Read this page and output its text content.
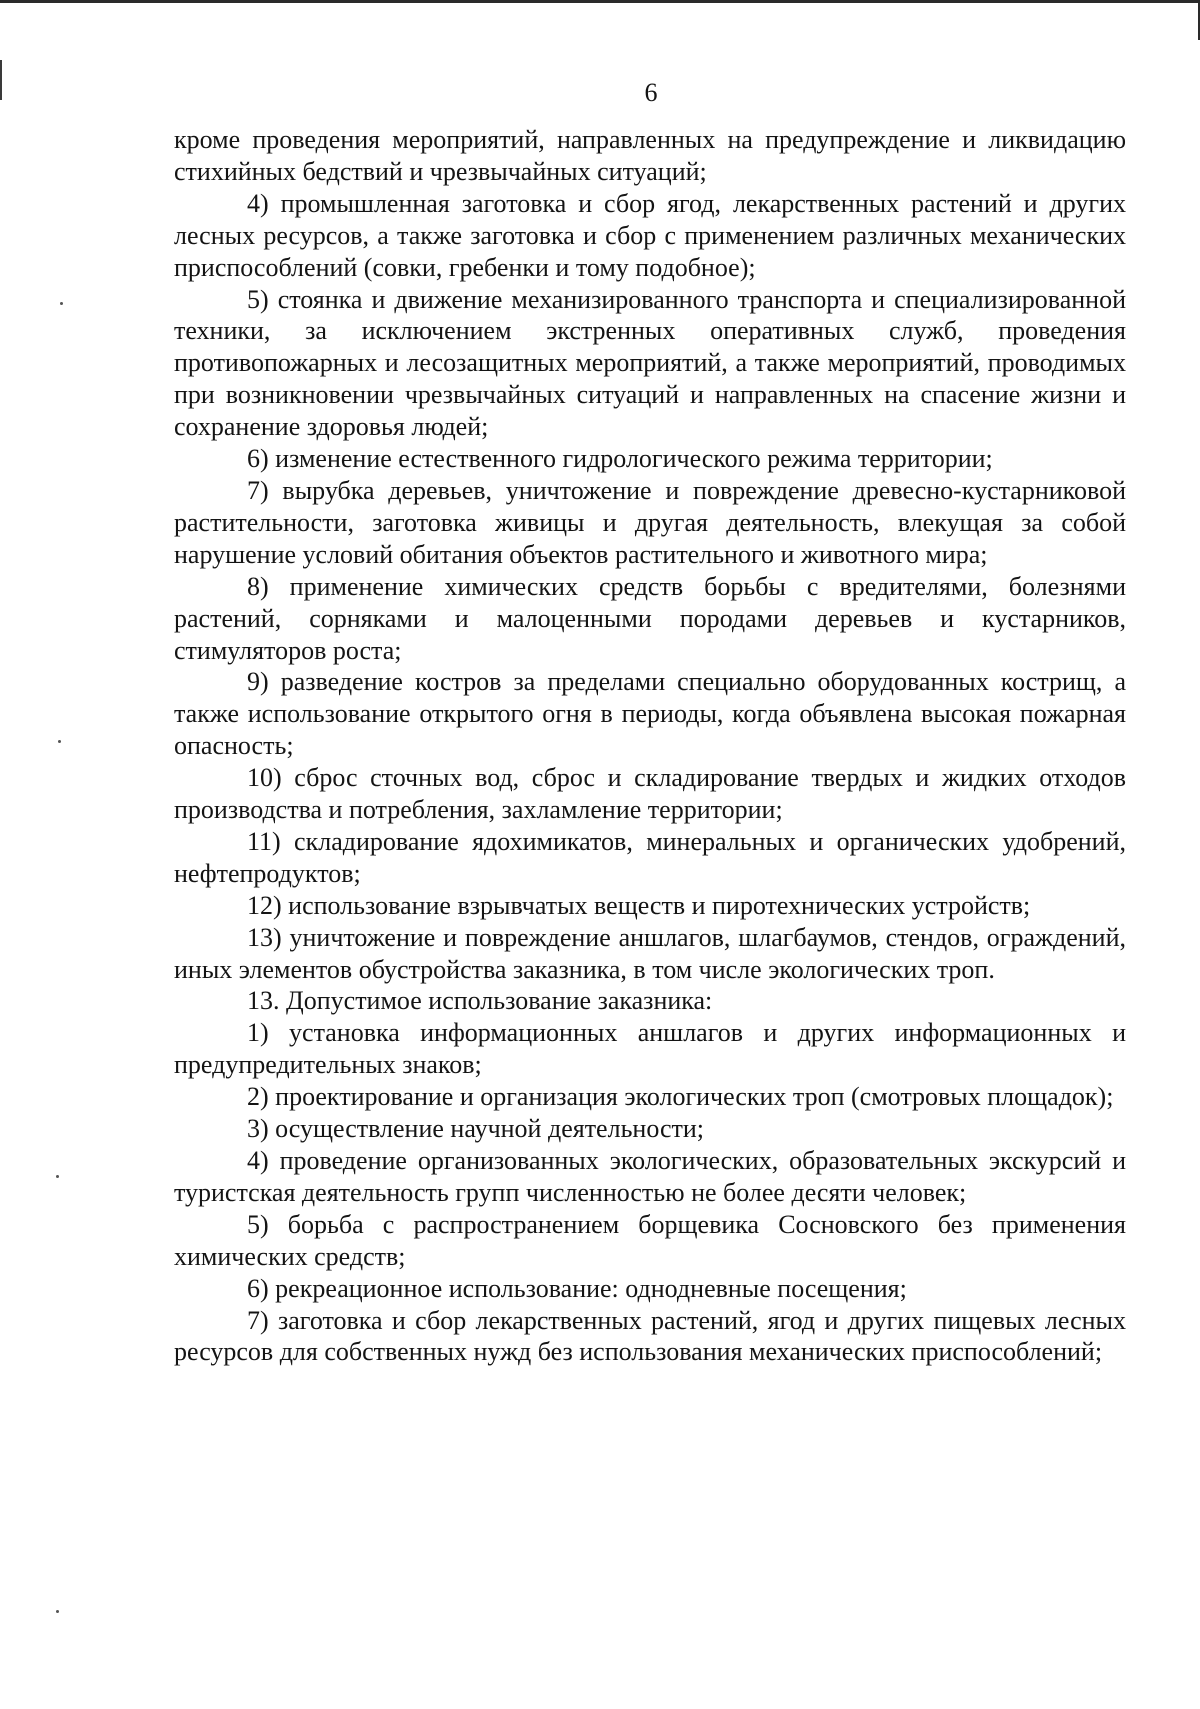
6

кроме проведения мероприятий, направленных на предупреждение и ликвидацию стихийных бедствий и чрезвычайных ситуаций;

4) промышленная заготовка и сбор ягод, лекарственных растений и других лесных ресурсов, а также заготовка и сбор с применением различных механических приспособлений (совки, гребенки и тому подобное);

5) стоянка и движение механизированного транспорта и специализированной техники, за исключением экстренных оперативных служб, проведения противопожарных и лесозащитных мероприятий, а также мероприятий, проводимых при возникновении чрезвычайных ситуаций и направленных на спасение жизни и сохранение здоровья людей;

6) изменение естественного гидрологического режима территории;

7) вырубка деревьев, уничтожение и повреждение древесно-кустарниковой растительности, заготовка живицы и другая деятельность, влекущая за собой нарушение условий обитания объектов растительного и животного мира;

8) применение химических средств борьбы с вредителями, болезнями растений, сорняками и малоценными породами деревьев и кустарников, стимуляторов роста;

9) разведение костров за пределами специально оборудованных кострищ, а также использование открытого огня в периоды, когда объявлена высокая пожарная опасность;

10) сброс сточных вод, сброс и складирование твердых и жидких отходов производства и потребления, захламление территории;

11) складирование ядохимикатов, минеральных и органических удобрений, нефтепродуктов;

12) использование взрывчатых веществ и пиротехнических устройств;

13) уничтожение и повреждение аншлагов, шлагбаумов, стендов, ограждений, иных элементов обустройства заказника, в том числе экологических троп.

13. Допустимое использование заказника:

1) установка информационных аншлагов и других информационных и предупредительных знаков;

2) проектирование и организация экологических троп (смотровых площадок);

3) осуществление научной деятельности;

4) проведение организованных экологических, образовательных экскурсий и туристская деятельность групп численностью не более десяти человек;

5) борьба с распространением борщевика Сосновского без применения химических средств;

6) рекреационное использование: однодневные посещения;

7) заготовка и сбор лекарственных растений, ягод и других пищевых лесных ресурсов для собственных нужд без использования механических приспособлений;
